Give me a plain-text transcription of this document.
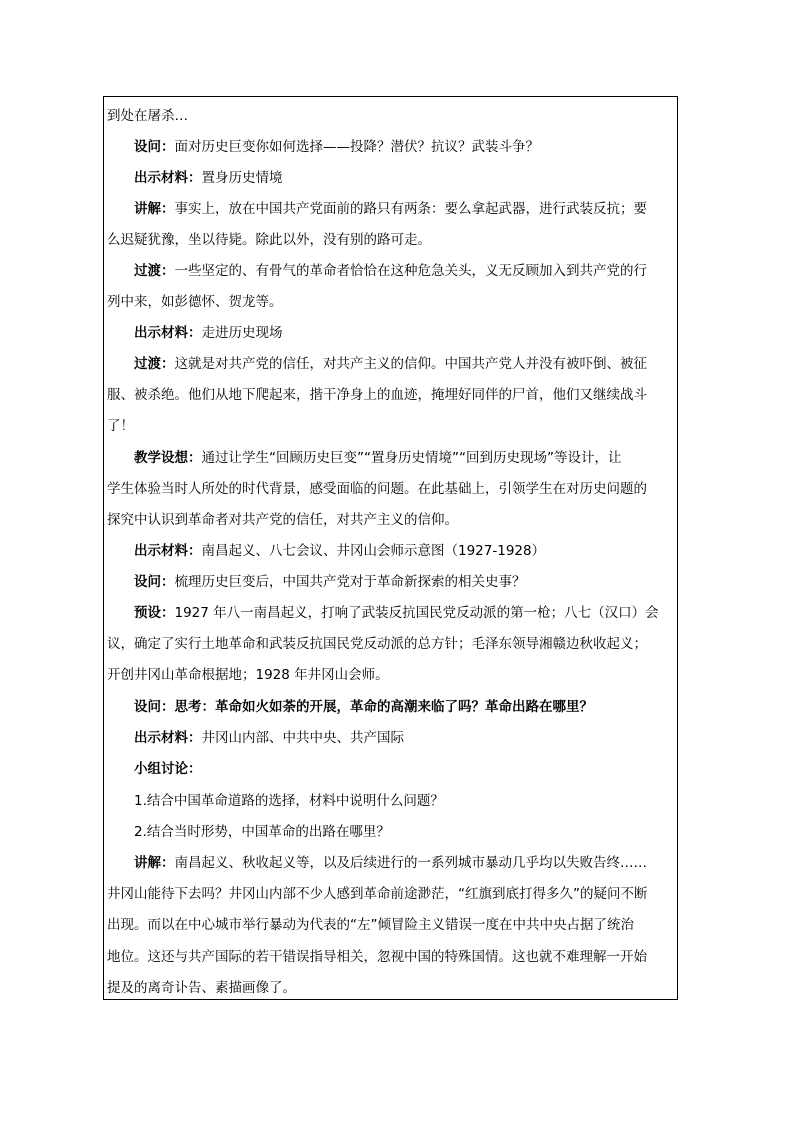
到处在屠杀…
设问：面对历史巨变你如何选择——投降？潜伏？抗议？武装斗争？
出示材料：置身历史情境
讲解：事实上，放在中国共产党面前的路只有两条：要么拿起武器，进行武装反抗；要
么迟疑犹豫，坐以待毙。除此以外，没有别的路可走。
过渡：一些坚定的、有骨气的革命者恰恰在这种危急关头，义无反顾加入到共产党的行
列中来，如彭德怀、贺龙等。
出示材料：走进历史现场
过渡：这就是对共产党的信任，对共产主义的信仰。中国共产党人并没有被吓倒、被征
服、被杀绝。他们从地下爬起来，揩干净身上的血迹，掩埋好同伴的尸首，他们又继续战斗
了！
教学设想：通过让学生“回顾历史巨变”“置身历史情境”“回到历史现场”等设计，让
学生体验当时人所处的时代背景，感受面临的问题。在此基础上，引领学生在对历史问题的
探究中认识到革命者对共产党的信任，对共产主义的信仰。
出示材料：南昌起义、八七会议、井冈山会师示意图（1927-1928）
设问：梳理历史巨变后，中国共产党对于革命新探索的相关史事？
预设：1927 年八一南昌起义，打响了武装反抗国民党反动派的第一枪；八七（汉口）会
议，确定了实行土地革命和武装反抗国民党反动派的总方针；毛泽东领导湘赣边秋收起义；
开创井冈山革命根据地；1928 年井冈山会师。
设问：思考：革命如火如荼的开展，革命的高潮来临了吗？革命出路在哪里？
出示材料：井冈山内部、中共中央、共产国际
小组讨论：
1.结合中国革命道路的选择，材料中说明什么问题？
2.结合当时形势，中国革命的出路在哪里？
讲解：南昌起义、秋收起义等，以及后续进行的一系列城市暴动几乎均以失败告终……
井冈山能待下去吗？井冈山内部不少人感到革命前途渺茫，“红旗到底打得多久”的疑问不断
出现。而以在中心城市举行暴动为代表的“左”倾冒险主义错误一度在中共中央占据了统治
地位。这还与共产国际的若干错误指导相关，忽视中国的特殊国情。这也就不难理解一开始
提及的离奇讣告、素描画像了。
